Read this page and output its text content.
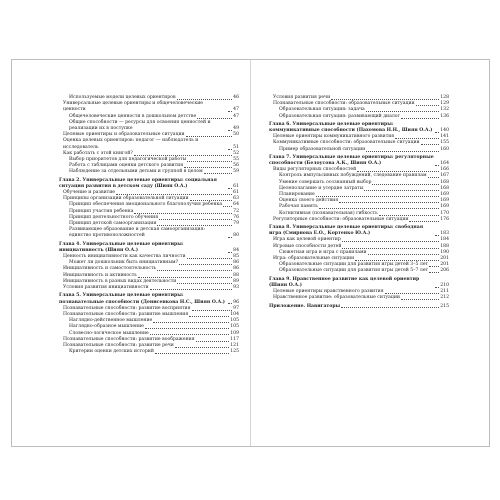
Используемые модели целевых ориентиров	46
Универсальные целевые ориентиры и общечеловеческие ценности	47
Общечеловеческие ценности в дошкольном детстве	47
Общие способности — ресурсы для освоения ценностей и реализации их в поступке	49
Целевые ориентиры и образовательные ситуации	50
Оценка целевых ориентиров: педагог — наблюдатель и исследователь	51
Как работать с этой книгой?	52
Выбор приоритетов для педагогической работы	55
Работа с таблицами оценки детского развития	56
Наблюдение за отдельными детьми и группой в целом	59
Глава 2. Универсальные целевые ориентиры: социальная ситуация развития в детском саду (Шиян О.А.)	61
Обучение и развитие	61
Принципы организации образовательной ситуации	63
Принцип обеспечения эмоционального благополучия ребенка 64
Принцип участия ребенка	72
Принцип деятельностного обучения	76
Принцип детской самоорганизации	79
Развивающее образование и детская самоорганизация: единство противоположностей	80
Глава 4. Универсальные целевые ориентиры: инициативность (Шиян О.А.)	84
Ценность инициативности как качества личности	85
Может ли дошкольник быть инициативным?	86
Инициативность и самостоятельность	86
Инициативность и активность	88
Инициативность в разных видах деятельности	89
Условия развития инициативности	93
Глава 5. Универсальные целевые ориентиры: познавательные способности (Денисенкова Н.С., Шиян О.А.)	96
Познавательные способности: развитие восприятия	97
Познавательные способности: развитие мышления	104
Наглядно-действенное мышление	105
Наглядно-образное мышление	105
Словесно-логическое мышление	109
Познавательные способности: развитие воображения	117
Познавательные способности: развитие речи	121
Критерии оценки детских историй	125
Условия развития речи	128
Познавательные способности: образовательные ситуации	129
Образовательная ситуация: задача	132
Образовательная ситуация: развивающий диалог	136
Глава 6. Универсальные целевые ориентиры: коммуникативные способности (Пахомова Н.Н., Шиян О.А.)	140
Целевые ориентиры коммуникативного развития	141
Коммуникативные способности: образовательные ситуации	155
Пример образовательной ситуации	160
Глава 7. Универсальные целевые ориентиры: регуляторные способности (Белоусова А.К., Шиян О.А.)	164
Виды регуляторных способностей	166
Контроль импульсивных побуждений, следование правилам	167
Умение совершать осознанный выбор	168
Целеполагание и усердие затраты	168
Планирование	169
Оценка своего действия	169
Рабочая память	169
Когнитивная (познавательная) гибкость	170
Регуляторные способности: образовательные ситуации	176
Глава 8. Универсальные целевые ориентиры: свободная игра (Смирнова Е.О., Кортенко Ю.А.)	183
Игра как целевой ориентир	184
Игровые способности детей	188
Сюжетная игра и игра с правилами	190
Игра: образовательные ситуации	201
Образовательные ситуации для развития игры детей 3–5 лет	201
Образовательные ситуации для развития игры детей 5–7 лет	206
Глава 9. Нравственное развитие как целевой ориентир (Шиян О.А.)	210
Целевые ориентиры нравственного развития	211
Нравственное развитие: образовательные ситуации	212
Приложение. Навигаторы	215
